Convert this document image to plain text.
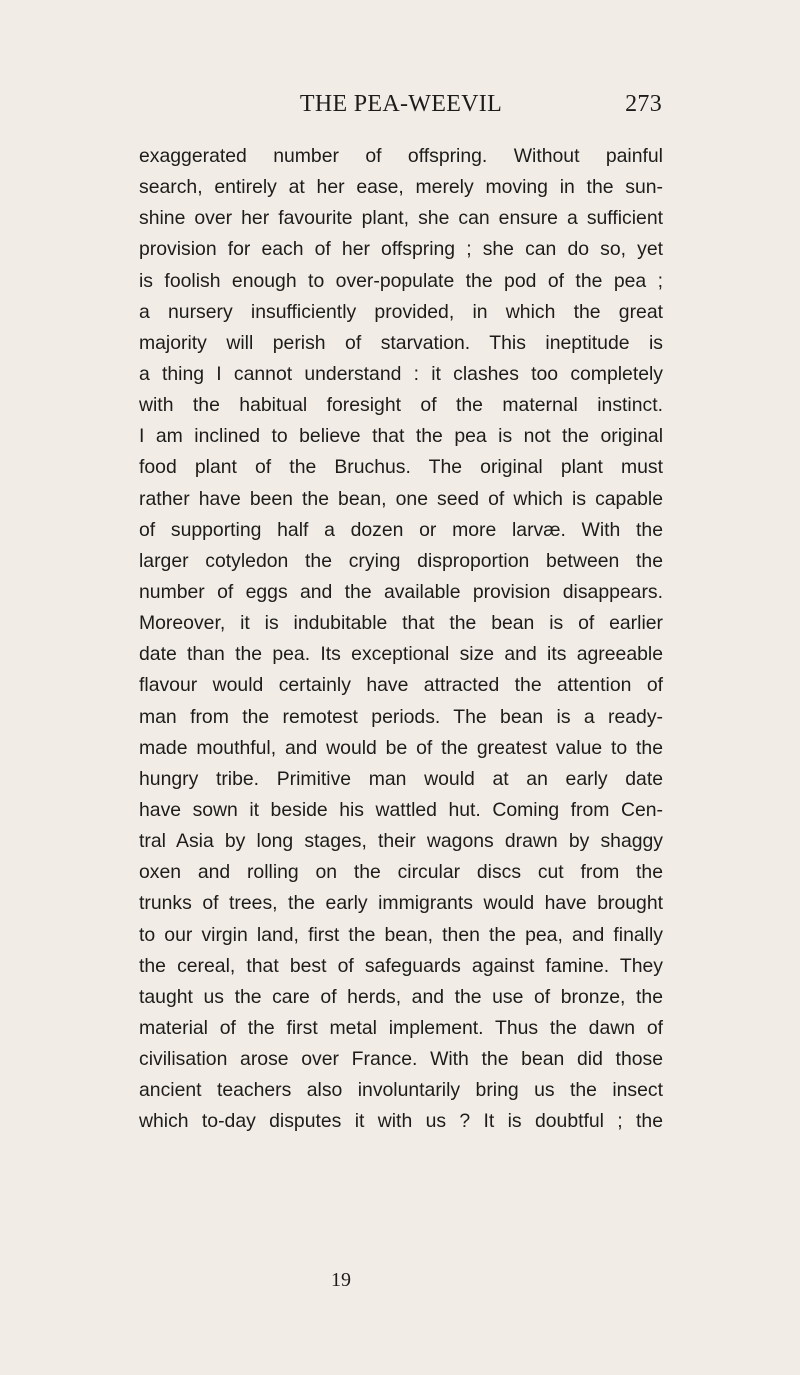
THE PEA-WEEVIL	273
exaggerated number of offspring. Without painful
search, entirely at her ease, merely moving in the sun-
shine over her favourite plant, she can ensure a sufficient
provision for each of her offspring ; she can do so, yet
is foolish enough to over-populate the pod of the pea ;
a nursery insufficiently provided, in which the great
majority will perish of starvation. This ineptitude is
a thing I cannot understand : it clashes too completely
with the habitual foresight of the maternal instinct.
I am inclined to believe that the pea is not the original
food plant of the Bruchus. The original plant must
rather have been the bean, one seed of which is capable
of supporting half a dozen or more larvæ. With the
larger cotyledon the crying disproportion between the
number of eggs and the available provision disappears.
Moreover, it is indubitable that the bean is of earlier
date than the pea. Its exceptional size and its agreeable
flavour would certainly have attracted the attention of
man from the remotest periods. The bean is a ready-
made mouthful, and would be of the greatest value to the
hungry tribe. Primitive man would at an early date
have sown it beside his wattled hut. Coming from Cen-
tral Asia by long stages, their wagons drawn by shaggy
oxen and rolling on the circular discs cut from the
trunks of trees, the early immigrants would have brought
to our virgin land, first the bean, then the pea, and finally
the cereal, that best of safeguards against famine. They
taught us the care of herds, and the use of bronze, the
material of the first metal implement. Thus the dawn of
civilisation arose over France. With the bean did those
ancient teachers also involuntarily bring us the insect
which to-day disputes it with us ? It is doubtful ; the
19
